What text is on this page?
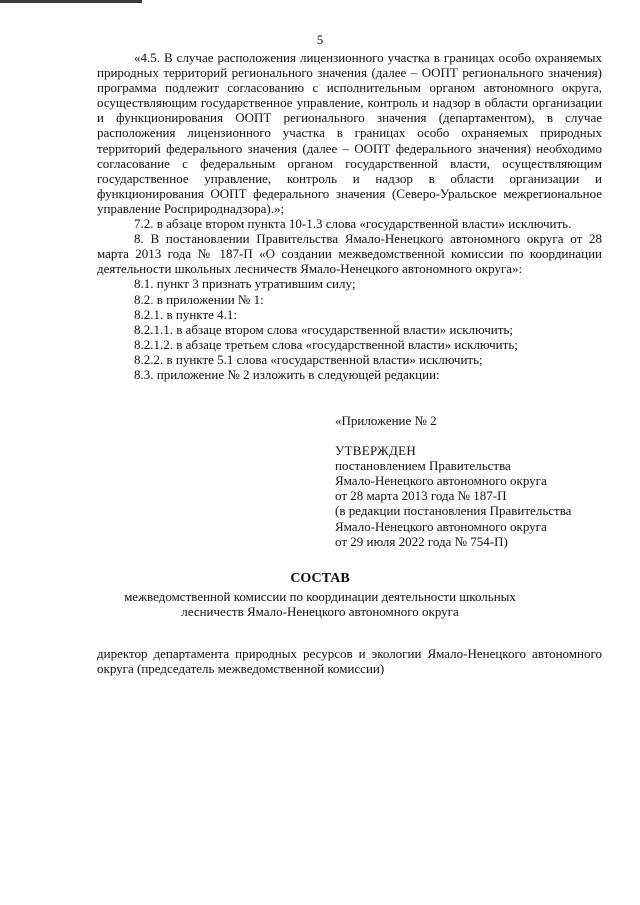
5

«4.5. В случае расположения лицензионного участка в границах особо охраняемых природных территорий регионального значения (далее – ООПТ регионального значения) программа подлежит согласованию с исполнительным органом автономного округа, осуществляющим государственное управление, контроль и надзор в области организации и функционирования ООПТ регионального значения (департаментом), в случае расположения лицензионного участка в границах особо охраняемых природных территорий федерального значения (далее – ООПТ федерального значения) необходимо согласование с федеральным органом государственной власти, осуществляющим государственное управление, контроль и надзор в области организации и функционирования ООПТ федерального значения (Северо-Уральское межрегиональное управление Росприроднадзора).»;

7.2. в абзаце втором пункта 10-1.3 слова «государственной власти» исключить.

8. В постановлении Правительства Ямало-Ненецкого автономного округа от 28 марта 2013 года № 187-П «О создании межведомственной комиссии по координации деятельности школьных лесничеств Ямало-Ненецкого автономного округа»:

8.1. пункт 3 признать утратившим силу;

8.2. в приложении № 1:

8.2.1. в пункте 4.1:

8.2.1.1. в абзаце втором слова «государственной власти» исключить;

8.2.1.2. в абзаце третьем слова «государственной власти» исключить;

8.2.2. в пункте 5.1 слова «государственной власти» исключить;

8.3. приложение № 2 изложить в следующей редакции:

«Приложение № 2
УТВЕРЖДЕН
постановлением Правительства
Ямало-Ненецкого автономного округа
от 28 марта 2013 года № 187-П
(в редакции постановления Правительства
Ямало-Ненецкого автономного округа
от 29 июля 2022 года № 754-П)
СОСТАВ
межведомственной комиссии по координации деятельности школьных лесничеств Ямало-Ненецкого автономного округа
директор департамента природных ресурсов и экологии Ямало-Ненецкого автономного округа (председатель межведомственной комиссии)
